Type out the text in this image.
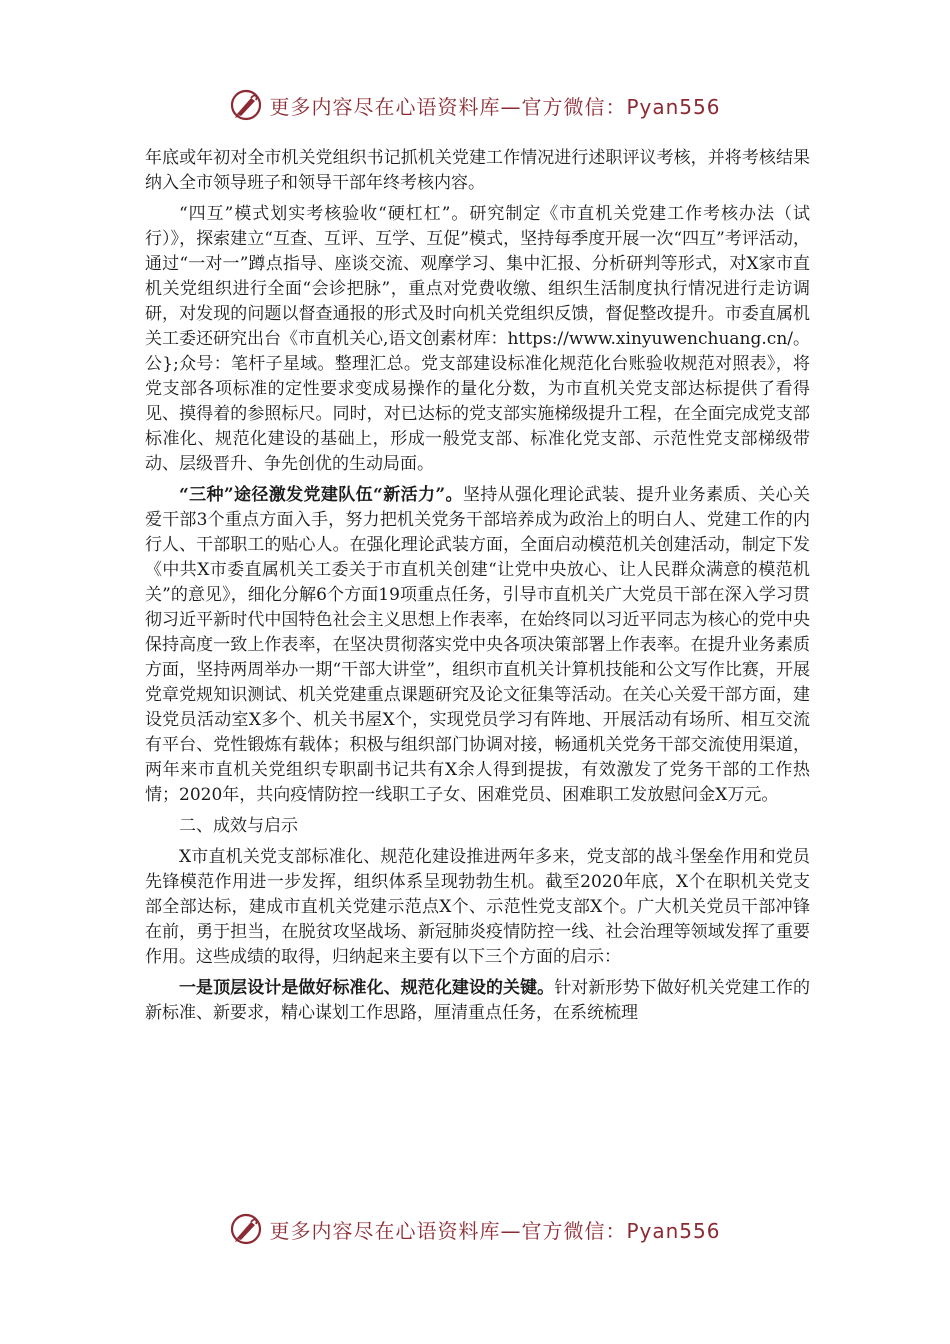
更多内容尽在心语资料库—官方微信：Pyan556

年底或年初对全市机关党组织书记抓机关党建工作情况进行述职评议考核，并将考核结果纳入全市领导班子和领导干部年终考核内容。

“四互”模式划实考核验收“硬杠杠”。研究制定《市直机关党建工作考核办法（试行）》，探索建立“互查、互评、互学、互促”模式，坚持每季度开展一次“四互”考评活动，通过“一对一”蹲点指导、座谈交流、观摩学习、集中汇报、分析研判等形式，对X家市直机关党组织进行全面“会诊把脉”，重点对党费收缴、组织生活制度执行情况进行走访调研，对发现的问题以督查通报的形式及时向机关党组织反馈，督促整改提升。市委直属机关工委还研究出台《市直机关心,语文创素材库：https://www.xinyuwenchuang.cn/。公};众号：笔杆子星域。整理汇总。党支部建设标准化规范化台账验收规范对照表》，将党支部各项标准的定性要求变成易操作的量化分数，为市直机关党支部达标提供了看得见、摸得着的参照标尺。同时，对已达标的党支部实施梯级提升工程，在全面完成党支部标准化、规范化建设的基础上，形成一般党支部、标准化党支部、示范性党支部梯级带动、层级晋升、争先创优的生动局面。

“三种”途径激发党建队伍“新活力”。坚持从强化理论武装、提升业务素质、关心关爱干部3个重点方面入手，努力把机关党务干部培养成为政治上的明白人、党建工作的内行人、干部职工的贴心人。在强化理论武装方面，全面启动模范机关创建活动，制定下发《中共X市委直属机关工委关于市直机关创建“让党中央放心、让人民群众满意的模范机关”的意见》，细化分解6个方面19项重点任务，引导市直机关广大党员干部在深入学习贯彻习近平新时代中国特色社会主义思想上作表率，在始终同以习近平同志为核心的党中央保持高度一致上作表率，在坚决贯彻落实党中央各项决策部署上作表率。在提升业务素质方面，坚持两周举办一期“干部大讲堂”，组织市直机关计算机技能和公文写作比赛，开展党章党规知识测试、机关党建重点课题研究及论文征集等活动。在关心关爱干部方面，建设党员活动室X多个、机关书屋X个，实现党员学习有阵地、开展活动有场所、相互交流有平台、党性锻炼有载体；积极与组织部门协调对接，畅通机关党务干部交流使用渠道，两年来市直机关党组织专职副书记共有X余人得到提拔，有效激发了党务干部的工作热情；2020年，共向疫情防控一线职工子女、困难党员、困难职工发放慰问金X万元。

二、成效与启示

X市直机关党支部标准化、规范化建设推进两年多来，党支部的战斗堡垒作用和党员先锋模范作用进一步发挥，组织体系呈现勃勃生机。截至2020年底，X个在职机关党支部全部达标，建成市直机关党建示范点X个、示范性党支部X个。广大机关党员干部冲锋在前，勇于担当，在脱贫攻坚战场、新冠肺炎疫情防控一线、社会治理等领域发挥了重要作用。这些成绩的取得，归纳起来主要有以下三个方面的启示：

一是顶层设计是做好标准化、规范化建设的关键。针对新形势下做好机关党建工作的新标准、新要求，精心谋划工作思路，厘清重点任务，在系统梳理

更多内容尽在心语资料库—官方微信：Pyan556
